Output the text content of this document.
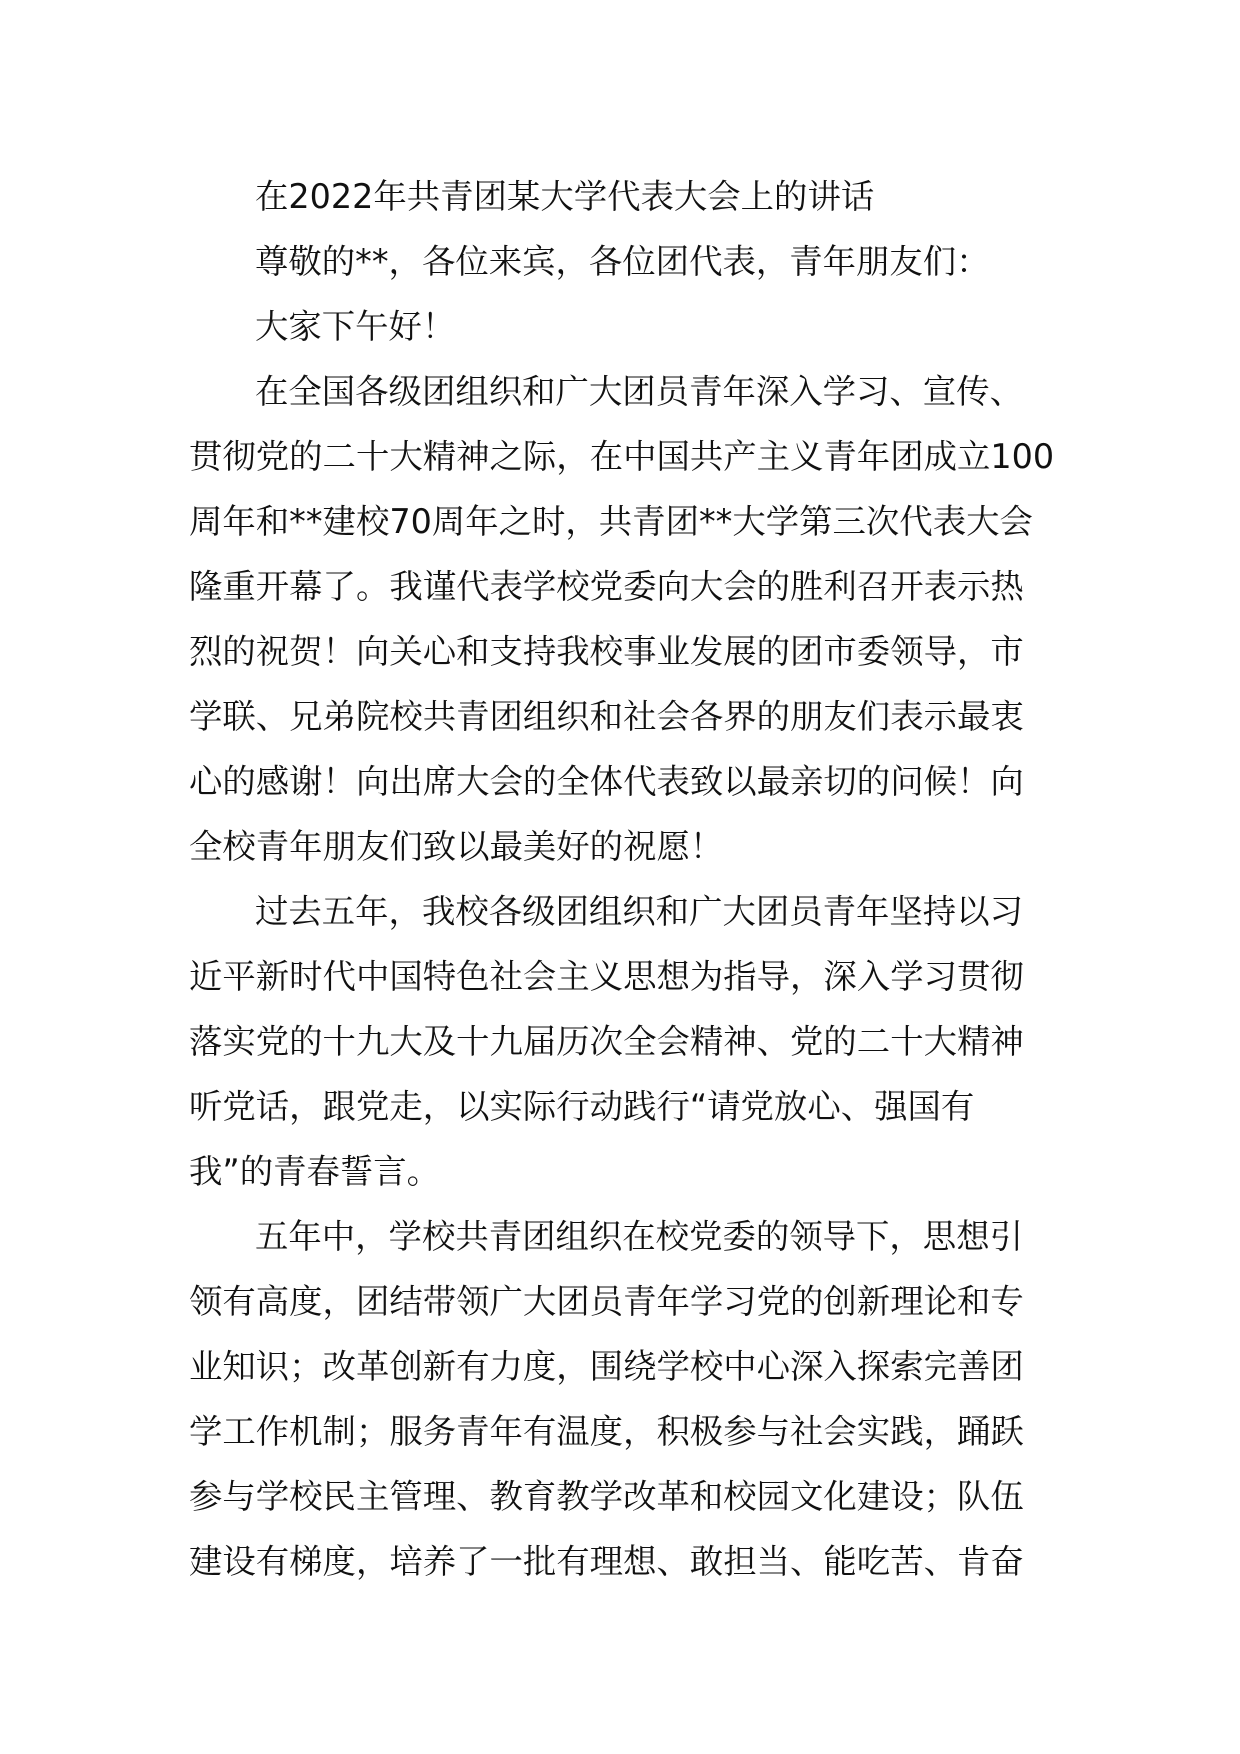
在2022年共青团某大学代表大会上的讲话
尊敬的**，各位来宾，各位团代表，青年朋友们：
大家下午好！
在全国各级团组织和广大团员青年深入学习、宣传、
贯彻党的二十大精神之际，在中国共产主义青年团成立100
周年和**建校70周年之时，共青团**大学第三次代表大会
隆重开幕了。我谨代表学校党委向大会的胜利召开表示热
烈的祝贺！向关心和支持我校事业发展的团市委领导，市
学联、兄弟院校共青团组织和社会各界的朋友们表示最衷
心的感谢！向出席大会的全体代表致以最亲切的问候！向
全校青年朋友们致以最美好的祝愿！
过去五年，我校各级团组织和广大团员青年坚持以习
近平新时代中国特色社会主义思想为指导，深入学习贯彻
落实党的十九大及十九届历次全会精神、党的二十大精神
听党话，跟党走，以实际行动践行“请党放心、强国有
我”的青春誓言。
五年中，学校共青团组织在校党委的领导下，思想引
领有高度，团结带领广大团员青年学习党的创新理论和专
业知识；改革创新有力度，围绕学校中心深入探索完善团
学工作机制；服务青年有温度，积极参与社会实践，踊跃
参与学校民主管理、教育教学改革和校园文化建设；队伍
建设有梯度，培养了一批有理想、敢担当、能吃苦、肯奋
